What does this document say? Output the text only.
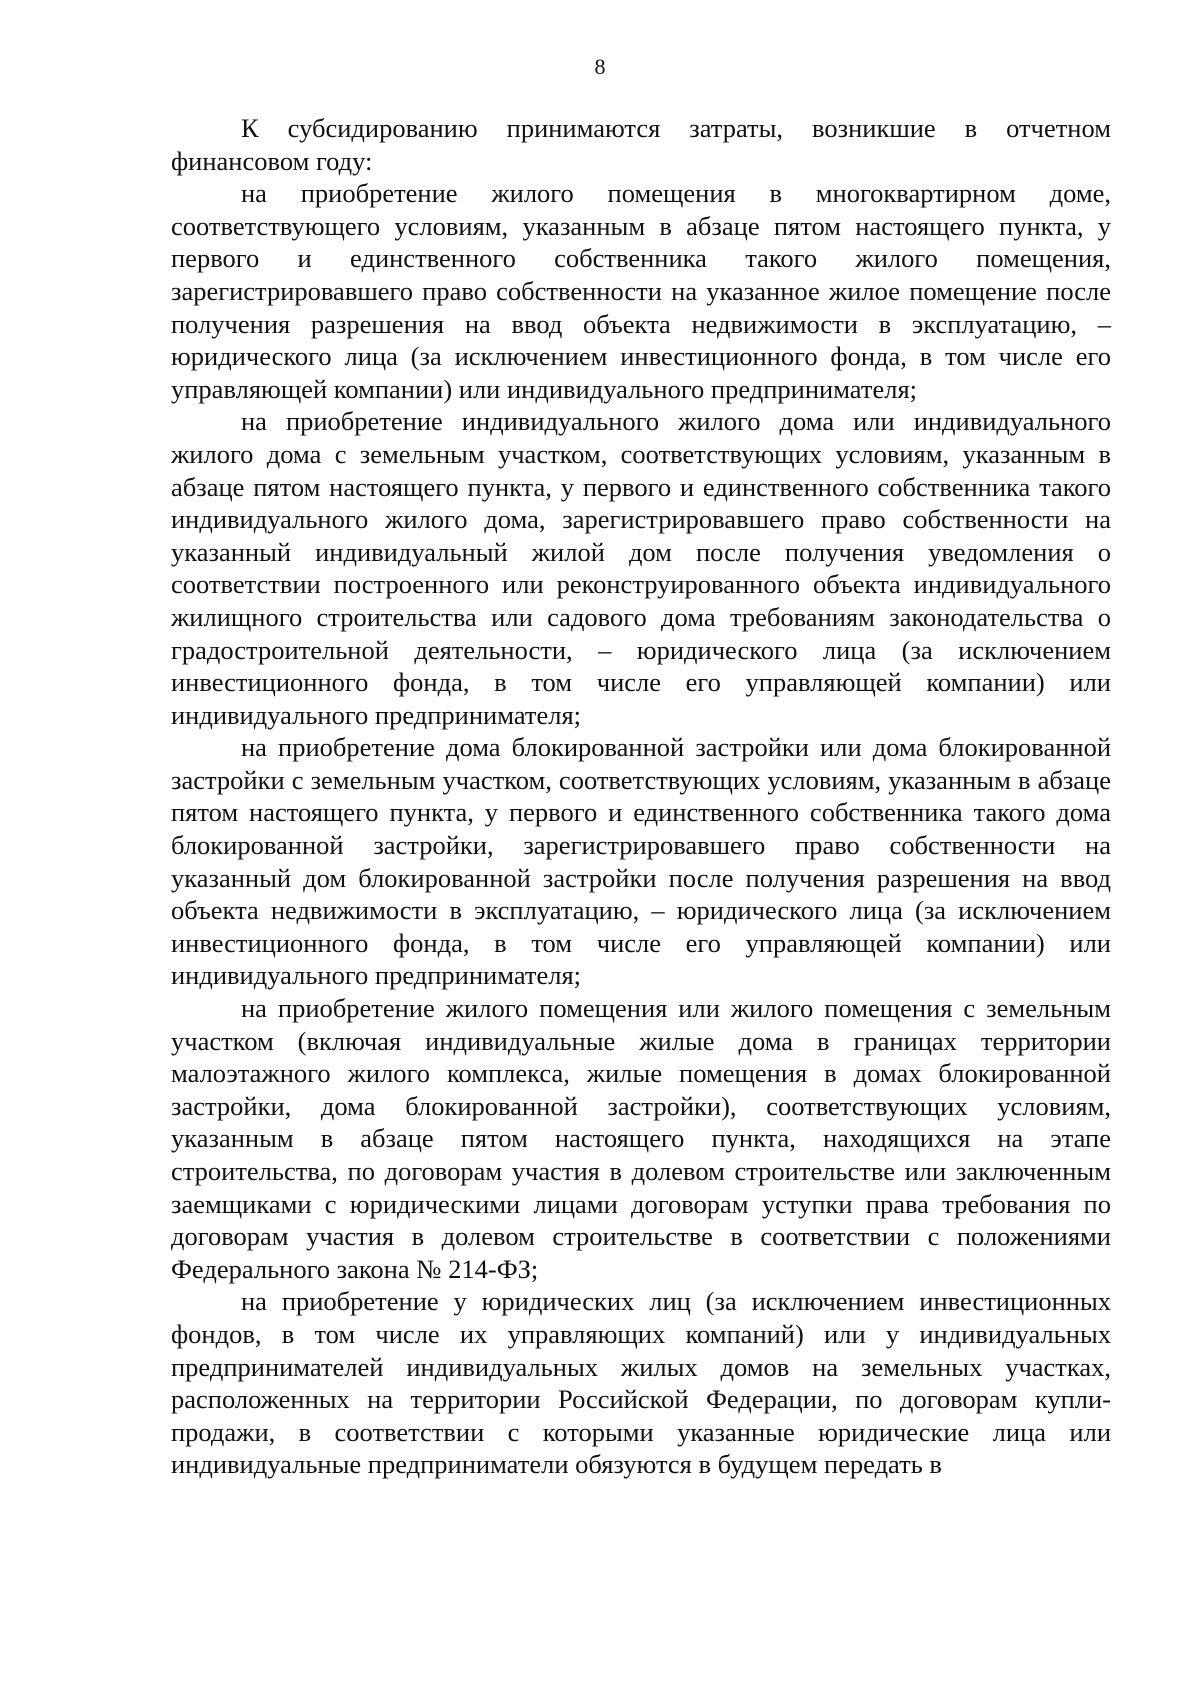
8

К субсидированию принимаются затраты, возникшие в отчетном финансовом году:

на приобретение жилого помещения в многоквартирном доме, соответствующего условиям, указанным в абзаце пятом настоящего пункта, у первого и единственного собственника такого жилого помещения, зарегистрировавшего право собственности на указанное жилое помещение после получения разрешения на ввод объекта недвижимости в эксплуатацию, – юридического лица (за исключением инвестиционного фонда, в том числе его управляющей компании) или индивидуального предпринимателя;

на приобретение индивидуального жилого дома или индивидуального жилого дома с земельным участком, соответствующих условиям, указанным в абзаце пятом настоящего пункта, у первого и единственного собственника такого индивидуального жилого дома, зарегистрировавшего право собственности на указанный индивидуальный жилой дом после получения уведомления о соответствии построенного или реконструированного объекта индивидуального жилищного строительства или садового дома требованиям законодательства о градостроительной деятельности, – юридического лица (за исключением инвестиционного фонда, в том числе его управляющей компании) или индивидуального предпринимателя;

на приобретение дома блокированной застройки или дома блокированной застройки с земельным участком, соответствующих условиям, указанным в абзаце пятом настоящего пункта, у первого и единственного собственника такого дома блокированной застройки, зарегистрировавшего право собственности на указанный дом блокированной застройки после получения разрешения на ввод объекта недвижимости в эксплуатацию, – юридического лица (за исключением инвестиционного фонда, в том числе его управляющей компании) или индивидуального предпринимателя;

на приобретение жилого помещения или жилого помещения с земельным участком (включая индивидуальные жилые дома в границах территории малоэтажного жилого комплекса, жилые помещения в домах блокированной застройки, дома блокированной застройки), соответствующих условиям, указанным в абзаце пятом настоящего пункта, находящихся на этапе строительства, по договорам участия в долевом строительстве или заключенным заемщиками с юридическими лицами договорам уступки права требования по договорам участия в долевом строительстве в соответствии с положениями Федерального закона № 214-ФЗ;

на приобретение у юридических лиц (за исключением инвестиционных фондов, в том числе их управляющих компаний) или у индивидуальных предпринимателей индивидуальных жилых домов на земельных участках, расположенных на территории Российской Федерации, по договорам купли-продажи, в соответствии с которыми указанные юридические лица или индивидуальные предприниматели обязуются в будущем передать в
